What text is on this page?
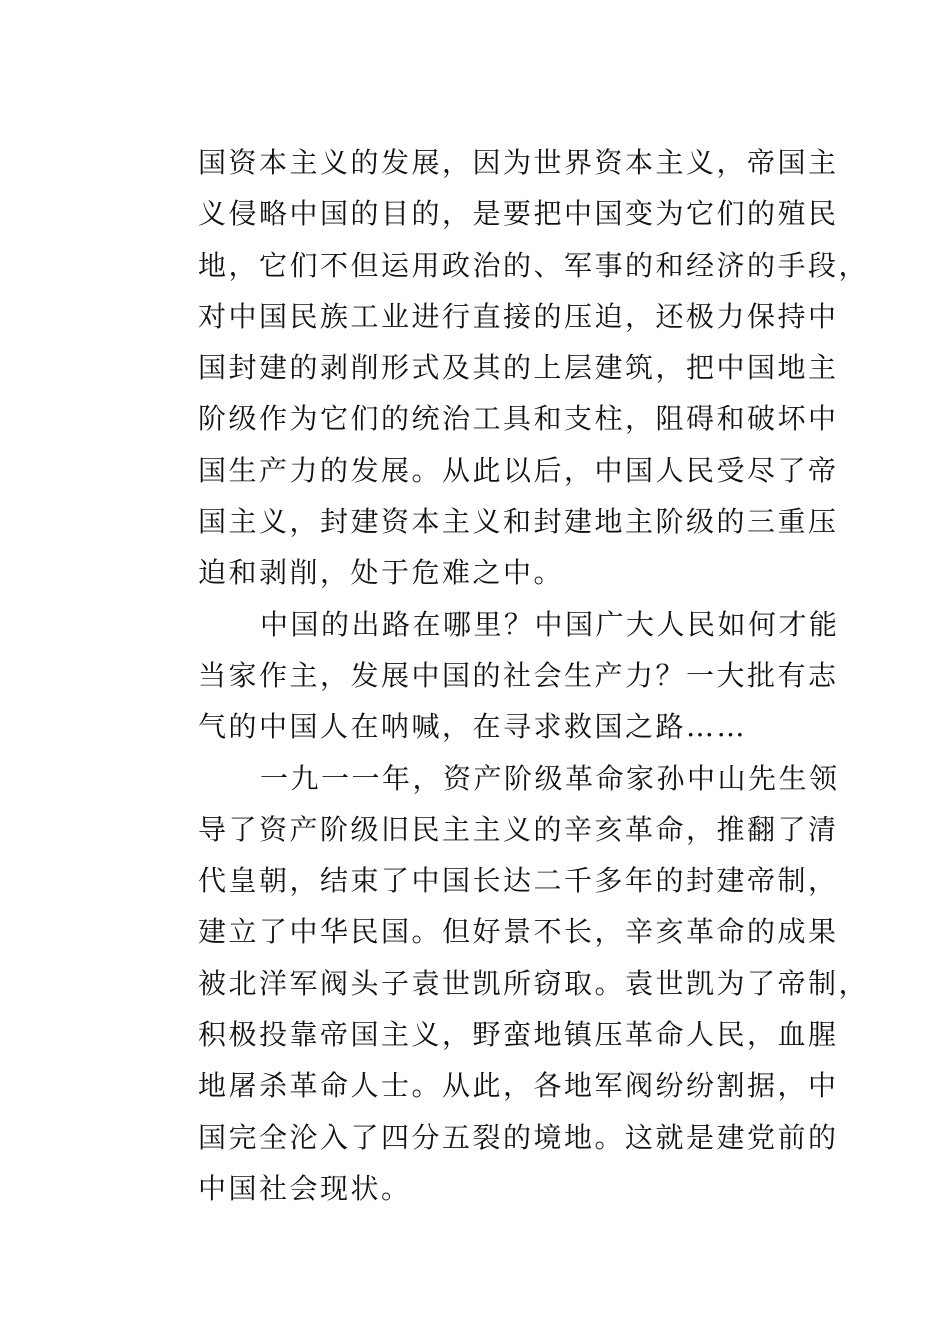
国资本主义的发展，因为世界资本主义，帝国主

义侵略中国的目的，是要把中国变为它们的殖民

地，它们不但运用政治的、军事的和经济的手段，

对中国民族工业进行直接的压迫，还极力保持中

国封建的剥削形式及其的上层建筑，把中国地主

阶级作为它们的统治工具和支柱，阻碍和破坏中

国生产力的发展。从此以后，中国人民受尽了帝

国主义，封建资本主义和封建地主阶级的三重压

迫和剥削，处于危难之中。

中国的出路在哪里？中国广大人民如何才能

当家作主，发展中国的社会生产力？一大批有志

气的中国人在呐喊，在寻求救国之路……

一九一一年，资产阶级革命家孙中山先生领

导了资产阶级旧民主主义的辛亥革命，推翻了清

代皇朝，结束了中国长达二千多年的封建帝制，

建立了中华民国。但好景不长，辛亥革命的成果

被北洋军阀头子袁世凯所窃取。袁世凯为了帝制，

积极投靠帝国主义，野蛮地镇压革命人民，血腥

地屠杀革命人士。从此，各地军阀纷纷割据，中

国完全沦入了四分五裂的境地。这就是建党前的

中国社会现状。
